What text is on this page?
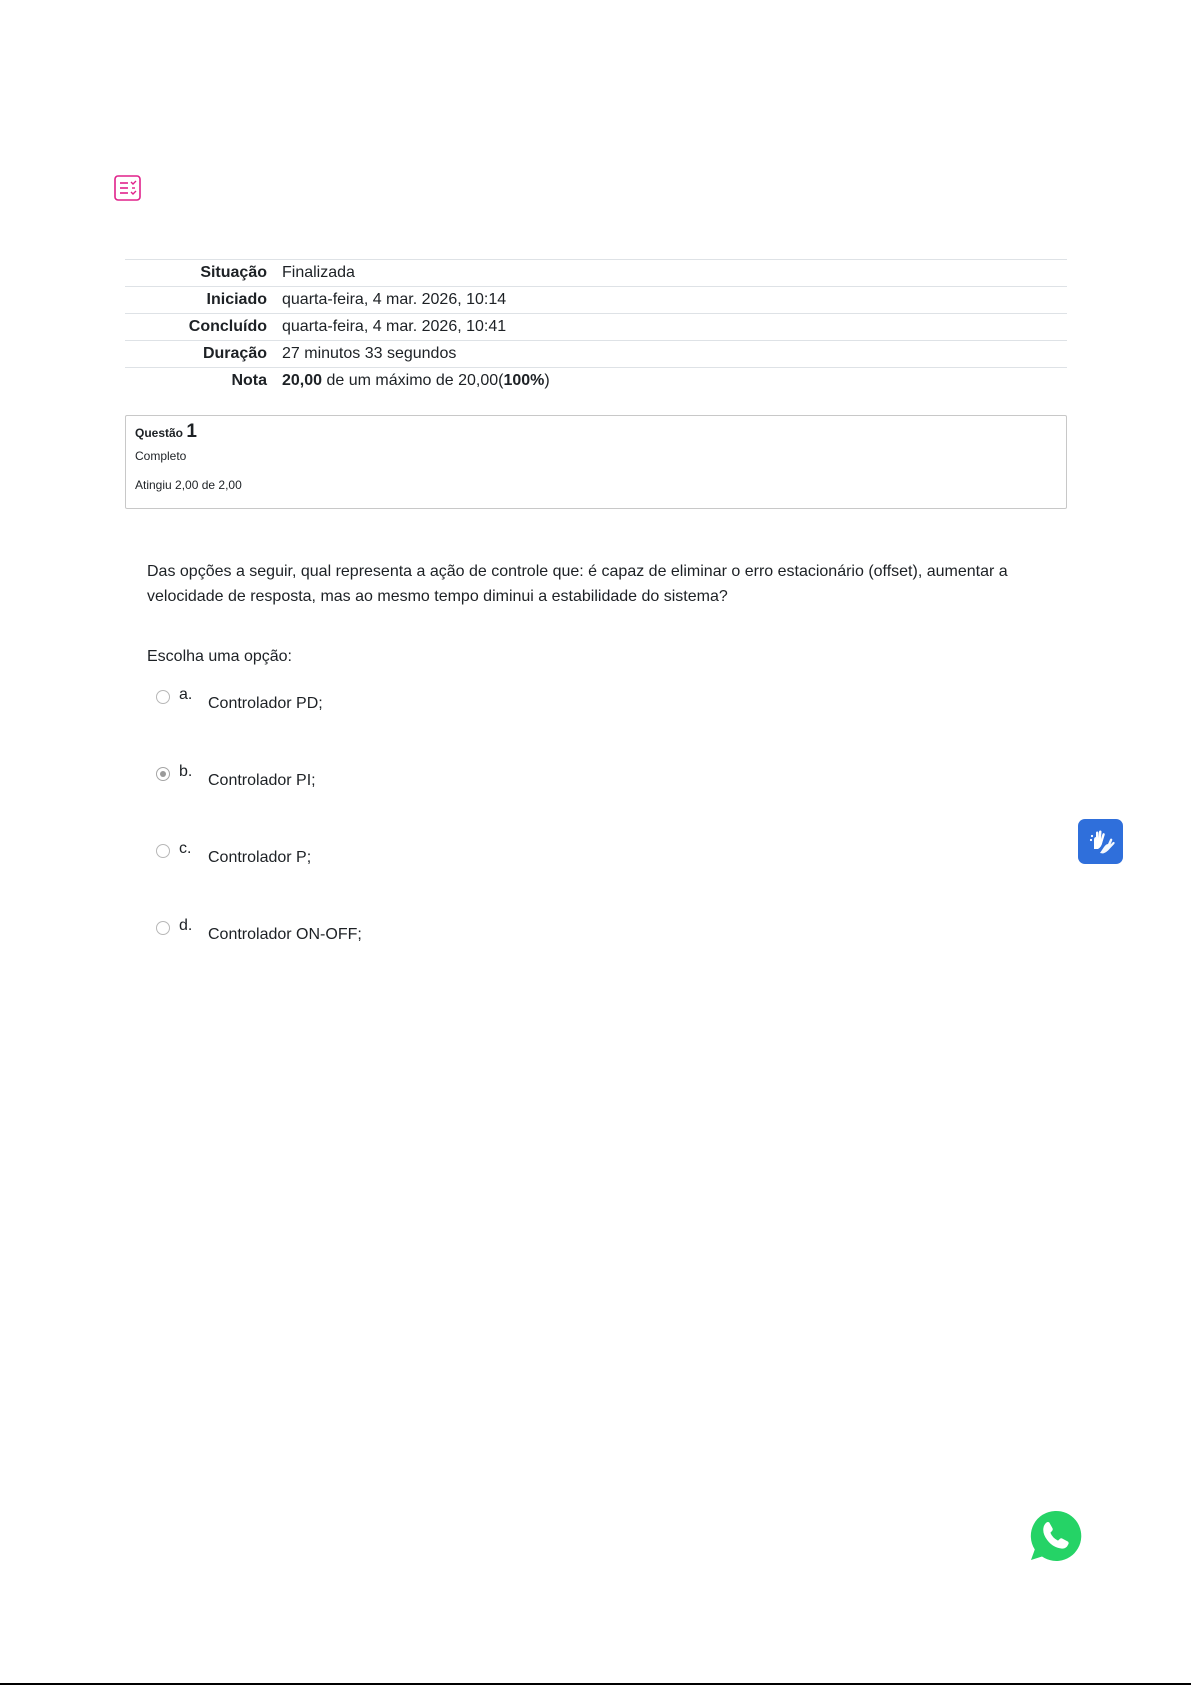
Situação	Finalizada
Iniciado	quarta-feira, 4 mar. 2026, 10:14
Concluído	quarta-feira, 4 mar. 2026, 10:41
Duração	27 minutos 33 segundos
Nota	20,00 de um máximo de 20,00(100%)
Questão 1
Completo
Atingiu 2,00 de 2,00
Das opções a seguir, qual representa a ação de controle que: é capaz de eliminar o erro estacionário (offset), aumentar a velocidade de resposta, mas ao mesmo tempo diminui a estabilidade do sistema?
Escolha uma opção:
a.
Controlador PD;
b.
Controlador PI;
c.
Controlador P;
d.
Controlador ON-OFF;
